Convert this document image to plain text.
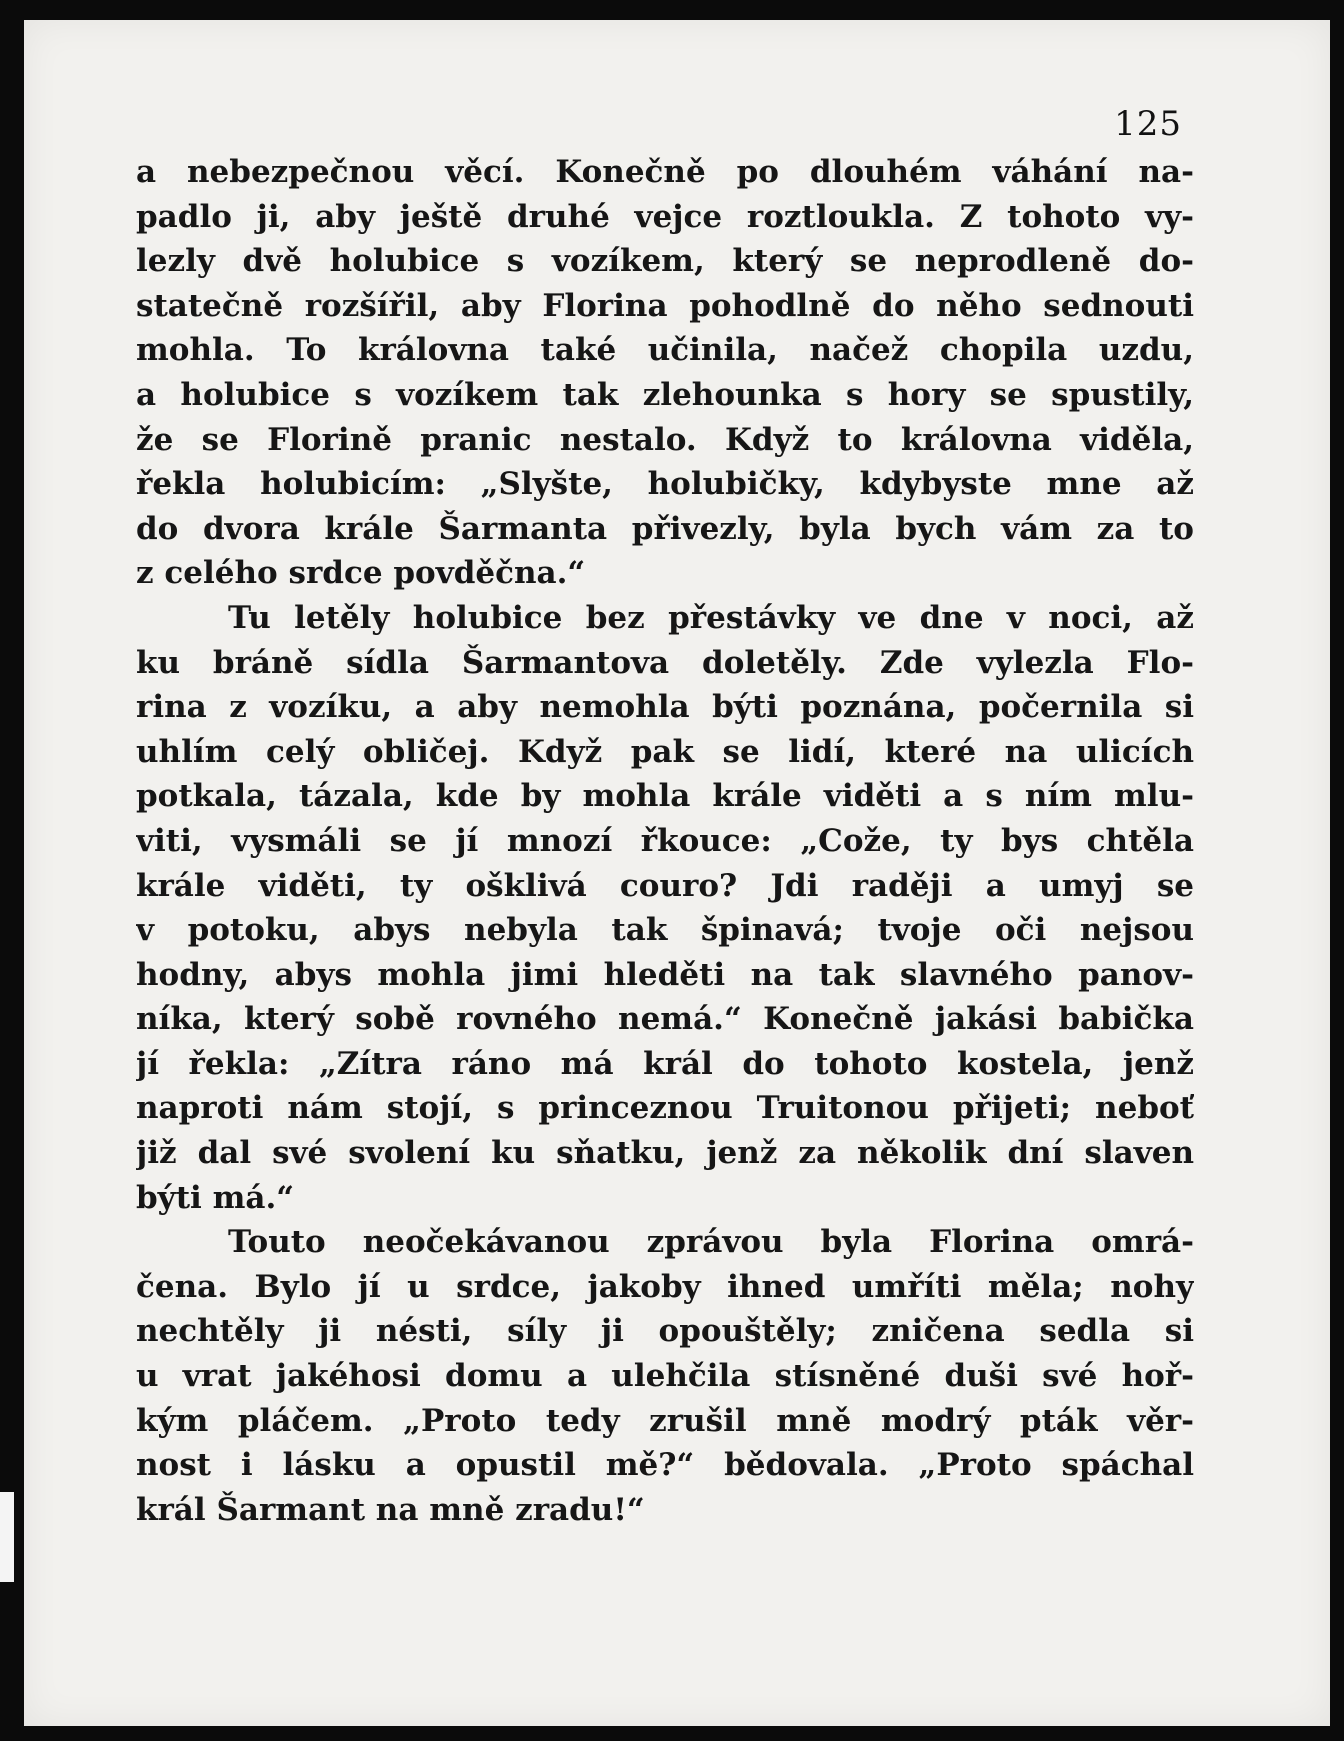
125
a nebezpečnou věcí. Konečně po dlouhém váhání na-
padlo ji, aby ještě druhé vejce roztloukla. Z tohoto vy-
lezly dvě holubice s vozíkem, který se neprodleně do-
statečně rozšířil, aby Florina pohodlně do něho sednouti
mohla. To královna také učinila, načež chopila uzdu,
a holubice s vozíkem tak zlehounka s hory se spustily,
že se Florině pranic nestalo. Když to královna viděla,
řekla holubicím: „Slyšte, holubičky, kdybyste mne až
do dvora krále Šarmanta přivezly, byla bych vám za to
z celého srdce povděčna.“
Tu letěly holubice bez přestávky ve dne v noci, až
ku bráně sídla Šarmantova doletěly. Zde vylezla Flo-
rina z vozíku, a aby nemohla býti poznána, počernila si
uhlím celý obličej. Když pak se lidí, které na ulicích
potkala, tázala, kde by mohla krále viděti a s ním mlu-
viti, vysmáli se jí mnozí řkouce: „Cože, ty bys chtěla
krále viděti, ty ošklivá couro? Jdi raději a umyj se
v potoku, abys nebyla tak špinavá; tvoje oči nejsou
hodny, abys mohla jimi hleděti na tak slavného panov-
níka, který sobě rovného nemá.“ Konečně jakási babička
jí řekla: „Zítra ráno má král do tohoto kostela, jenž
naproti nám stojí, s princeznou Truitonou přijeti; neboť
již dal své svolení ku sňatku, jenž za několik dní slaven
býti má.“
Touto neočekávanou zprávou byla Florina omrá-
čena. Bylo jí u srdce, jakoby ihned umříti měla; nohy
nechtěly ji nésti, síly ji opouštěly; zničena sedla si
u vrat jakéhosi domu a ulehčila stísněné duši své hoř-
kým pláčem. „Proto tedy zrušil mně modrý pták věr-
nost i lásku a opustil mě?“ bědovala. „Proto spáchal
král Šarmant na mně zradu!“
